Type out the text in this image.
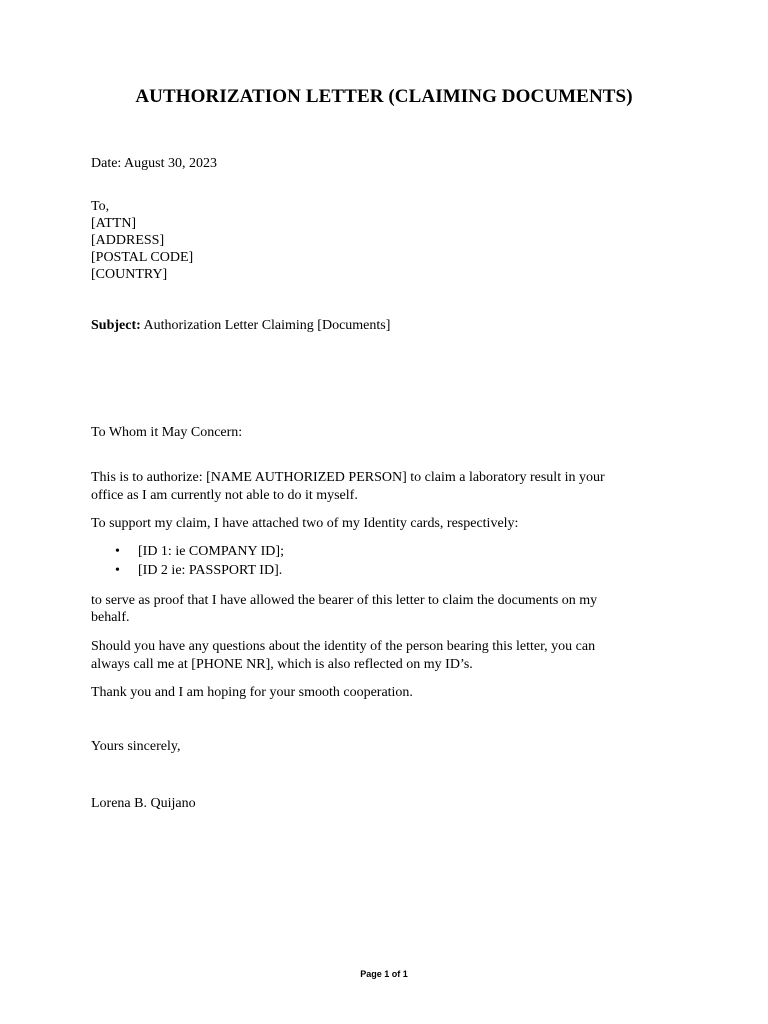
AUTHORIZATION LETTER (CLAIMING DOCUMENTS)
Date: August 30, 2023
To,
[ATTN]
[ADDRESS]
[POSTAL CODE]
[COUNTRY]
Subject: Authorization Letter Claiming [Documents]
To Whom it May Concern:
This is to authorize: [NAME AUTHORIZED PERSON] to claim a laboratory result in your
office as I am currently not able to do it myself.
To support my claim, I have attached two of my Identity cards, respectively:
• [ID 1: ie COMPANY ID];
• [ID 2 ie: PASSPORT ID].
to serve as proof that I have allowed the bearer of this letter to claim the documents on my
behalf.
Should you have any questions about the identity of the person bearing this letter, you can
always call me at [PHONE NR], which is also reflected on my ID’s.
Thank you and I am hoping for your smooth cooperation.
Yours sincerely,
Lorena B. Quijano
Page 1 of 1
